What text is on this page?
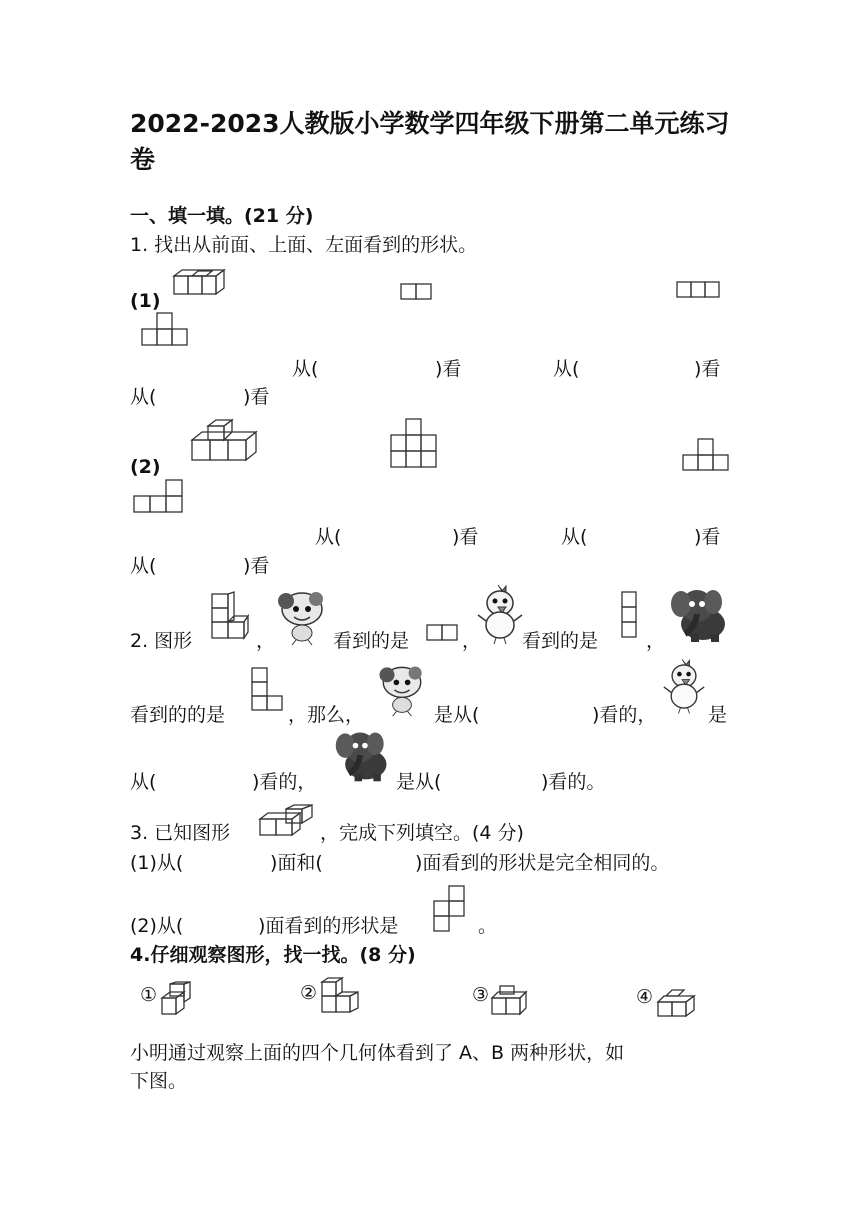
2022-2023人教版小学数学四年级下册第二单元练习卷
一、填一填。(21 分)
1. 找出从前面、上面、左面看到的形状。
(1)
从(	)看	从(	)看
从(	)看
(2)
从(	)看	从(	)看
从(	)看
2. 图形	，	看到的是	， 看到的是	，
看到的的是	，那么，	是从(	)看的，	是
从(	)看的，	是从(	)看的。
3. 已知图形	，完成下列填空。(4 分)
(1)从(	)面和(	)面看到的形状是完全相同的。
(2)从(	)面看到的形状是	。
4.仔细观察图形，找一找。(8 分)
①	②	③	④
小明通过观察上面的四个几何体看到了 A、B 两种形状，如
下图。
